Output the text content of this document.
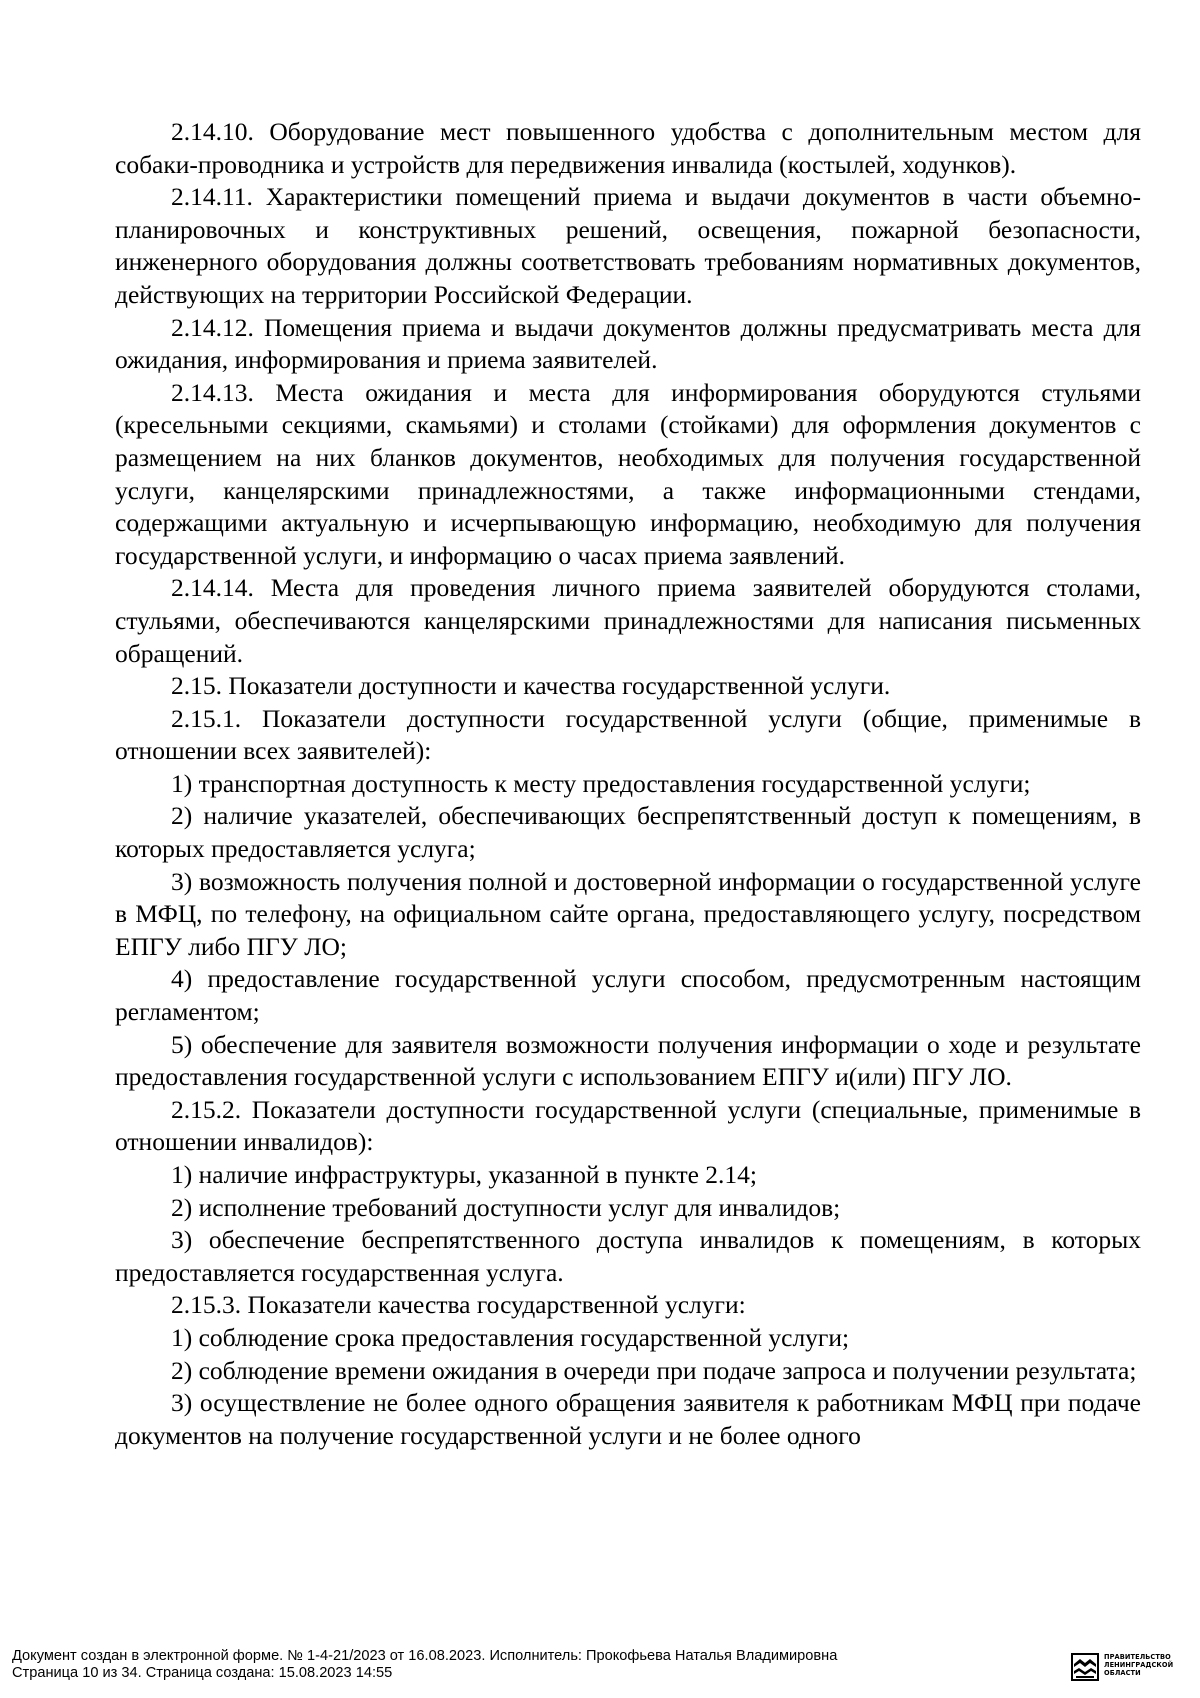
2.14.10. Оборудование мест повышенного удобства с дополнительным местом для собаки-проводника и устройств для передвижения инвалида (костылей, ходунков).

2.14.11. Характеристики помещений приема и выдачи документов в части объемно-планировочных и конструктивных решений, освещения, пожарной безопасности, инженерного оборудования должны соответствовать требованиям нормативных документов, действующих на территории Российской Федерации.

2.14.12. Помещения приема и выдачи документов должны предусматривать места для ожидания, информирования и приема заявителей.

2.14.13. Места ожидания и места для информирования оборудуются стульями (кресельными секциями, скамьями) и столами (стойками) для оформления документов с размещением на них бланков документов, необходимых для получения государственной услуги, канцелярскими принадлежностями, а также информационными стендами, содержащими актуальную и исчерпывающую информацию, необходимую для получения государственной услуги, и информацию о часах приема заявлений.

2.14.14. Места для проведения личного приема заявителей оборудуются столами, стульями, обеспечиваются канцелярскими принадлежностями для написания письменных обращений.

2.15. Показатели доступности и качества государственной услуги.

2.15.1. Показатели доступности государственной услуги (общие, применимые в отношении всех заявителей):

1) транспортная доступность к месту предоставления государственной услуги;

2) наличие указателей, обеспечивающих беспрепятственный доступ к помещениям, в которых предоставляется услуга;

3) возможность получения полной и достоверной информации о государственной услуге в МФЦ, по телефону, на официальном сайте органа, предоставляющего услугу, посредством ЕПГУ либо ПГУ ЛО;

4) предоставление государственной услуги способом, предусмотренным настоящим регламентом;

5) обеспечение для заявителя возможности получения информации о ходе и результате предоставления государственной услуги с использованием ЕПГУ и(или) ПГУ ЛО.

2.15.2. Показатели доступности государственной услуги (специальные, применимые в отношении инвалидов):

1) наличие инфраструктуры, указанной в пункте 2.14;

2) исполнение требований доступности услуг для инвалидов;

3) обеспечение беспрепятственного доступа инвалидов к помещениям, в которых предоставляется государственная услуга.

2.15.3. Показатели качества государственной услуги:

1) соблюдение срока предоставления государственной услуги;

2) соблюдение времени ожидания в очереди при подаче запроса и получении результата;

3) осуществление не более одного обращения заявителя к работникам МФЦ при подаче документов на получение государственной услуги и не более одного

Документ создан в электронной форме. № 1-4-21/2023 от 16.08.2023. Исполнитель: Прокофьева Наталья Владимировна
Страница 10 из 34. Страница создана: 15.08.2023 14:55
ПРАВИТЕЛЬСТВО
ЛЕНИНГРАДСКОЙ
ОБЛАСТИ
